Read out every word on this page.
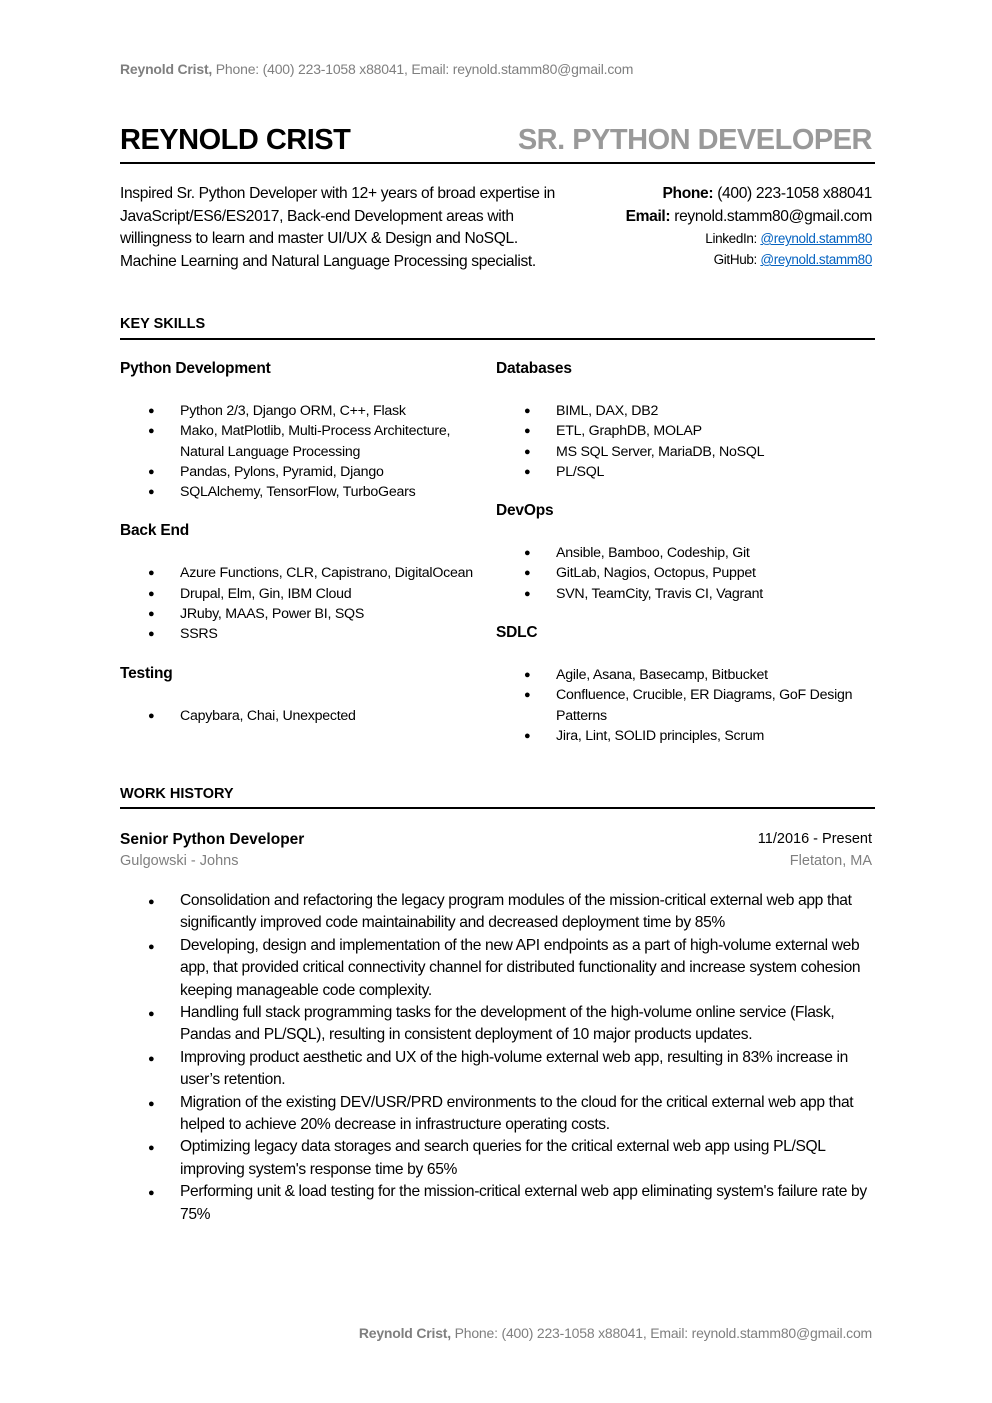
Reynold Crist, Phone: (400) 223-1058 x88041, Email: reynold.stamm80@gmail.com
REYNOLD CRIST	SR. PYTHON DEVELOPER
Inspired Sr. Python Developer with 12+ years of broad expertise in JavaScript/ES6/ES2017, Back-end Development areas with willingness to learn and master UI/UX & Design and NoSQL. Machine Learning and Natural Language Processing specialist.
Phone: (400) 223-1058 x88041
Email: reynold.stamm80@gmail.com
LinkedIn: @reynold.stamm80
GitHub: @reynold.stamm80
KEY SKILLS
Python Development
● Python 2/3, Django ORM, C++, Flask
● Mako, MatPlotlib, Multi-Process Architecture, Natural Language Processing
● Pandas, Pylons, Pyramid, Django
● SQLAlchemy, TensorFlow, TurboGears
Back End
● Azure Functions, CLR, Capistrano, DigitalOcean
● Drupal, Elm, Gin, IBM Cloud
● JRuby, MAAS, Power BI, SQS
● SSRS
Testing
● Capybara, Chai, Unexpected
Databases
● BIML, DAX, DB2
● ETL, GraphDB, MOLAP
● MS SQL Server, MariaDB, NoSQL
● PL/SQL
DevOps
● Ansible, Bamboo, Codeship, Git
● GitLab, Nagios, Octopus, Puppet
● SVN, TeamCity, Travis CI, Vagrant
SDLC
● Agile, Asana, Basecamp, Bitbucket
● Confluence, Crucible, ER Diagrams, GoF Design Patterns
● Jira, Lint, SOLID principles, Scrum
WORK HISTORY
Senior Python Developer	11/2016 - Present
Gulgowski - Johns	Fletaton, MA
● Consolidation and refactoring the legacy program modules of the mission-critical external web app that significantly improved code maintainability and decreased deployment time by 85%
● Developing, design and implementation of the new API endpoints as a part of high-volume external web app, that provided critical connectivity channel for distributed functionality and increase system cohesion keeping manageable code complexity.
● Handling full stack programming tasks for the development of the high-volume online service (Flask, Pandas and PL/SQL), resulting in consistent deployment of 10 major products updates.
● Improving product aesthetic and UX of the high-volume external web app, resulting in 83% increase in user’s retention.
● Migration of the existing DEV/USR/PRD environments to the cloud for the critical external web app that helped to achieve 20% decrease in infrastructure operating costs.
● Optimizing legacy data storages and search queries for the critical external web app using PL/SQL improving system's response time by 65%
● Performing unit & load testing for the mission-critical external web app eliminating system's failure rate by 75%
Reynold Crist, Phone: (400) 223-1058 x88041, Email: reynold.stamm80@gmail.com
